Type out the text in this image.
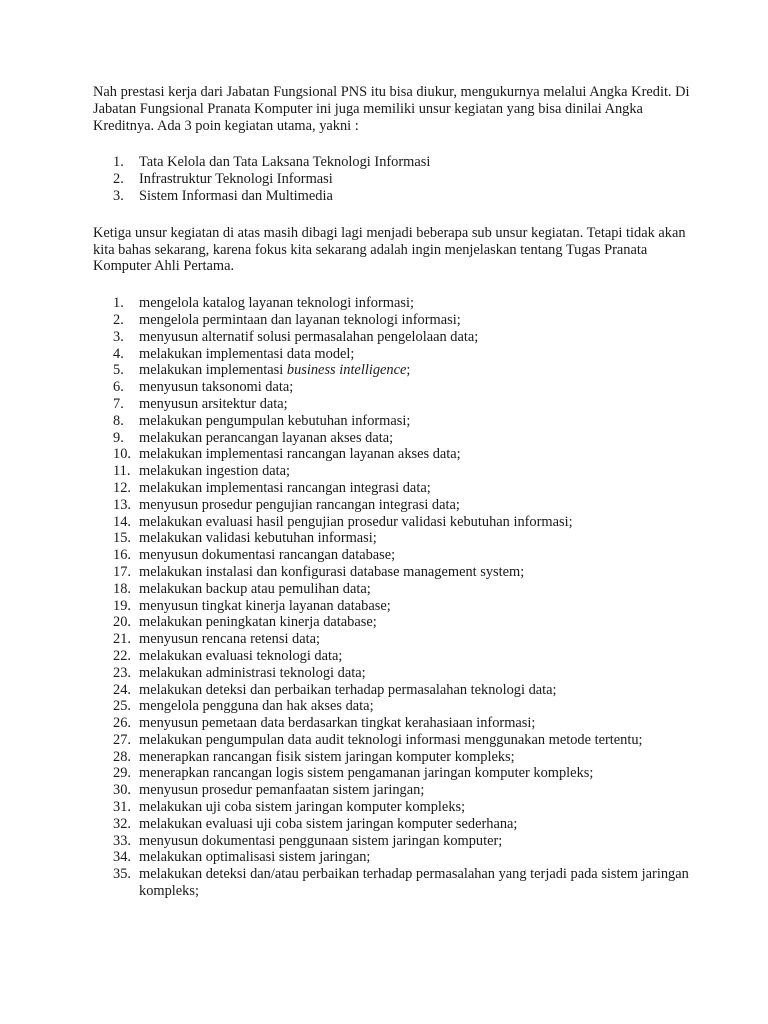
Nah prestasi kerja dari Jabatan Fungsional PNS itu bisa diukur, mengukurnya melalui Angka Kredit. Di Jabatan Fungsional Pranata Komputer ini juga memiliki unsur kegiatan yang bisa dinilai Angka Kreditnya. Ada 3 poin kegiatan utama, yakni :

1.	Tata Kelola dan Tata Laksana Teknologi Informasi
2.	Infrastruktur Teknologi Informasi
3.	Sistem Informasi dan Multimedia

Ketiga unsur kegiatan di atas masih dibagi lagi menjadi beberapa sub unsur kegiatan. Tetapi tidak akan kita bahas sekarang, karena fokus kita sekarang adalah ingin menjelaskan tentang Tugas Pranata Komputer Ahli Pertama.

1.	mengelola katalog layanan teknologi informasi;
2.	mengelola permintaan dan layanan teknologi informasi;
3.	menyusun alternatif solusi permasalahan pengelolaan data;
4.	melakukan implementasi data model;
5.	melakukan implementasi business intelligence;
6.	menyusun taksonomi data;
7.	menyusun arsitektur data;
8.	melakukan pengumpulan kebutuhan informasi;
9.	melakukan perancangan layanan akses data;
10. melakukan implementasi rancangan layanan akses data;
11. melakukan ingestion data;
12. melakukan implementasi rancangan integrasi data;
13. menyusun prosedur pengujian rancangan integrasi data;
14. melakukan evaluasi hasil pengujian prosedur validasi kebutuhan informasi;
15. melakukan validasi kebutuhan informasi;
16. menyusun dokumentasi rancangan database;
17. melakukan instalasi dan konfigurasi database management system;
18. melakukan backup atau pemulihan data;
19. menyusun tingkat kinerja layanan database;
20. melakukan peningkatan kinerja database;
21. menyusun rencana retensi data;
22. melakukan evaluasi teknologi data;
23. melakukan administrasi teknologi data;
24. melakukan deteksi dan perbaikan terhadap permasalahan teknologi data;
25. mengelola pengguna dan hak akses data;
26. menyusun pemetaan data berdasarkan tingkat kerahasiaan informasi;
27. melakukan pengumpulan data audit teknologi informasi menggunakan metode tertentu;
28. menerapkan rancangan fisik sistem jaringan komputer kompleks;
29. menerapkan rancangan logis sistem pengamanan jaringan komputer kompleks;
30. menyusun prosedur pemanfaatan sistem jaringan;
31. melakukan uji coba sistem jaringan komputer kompleks;
32. melakukan evaluasi uji coba sistem jaringan komputer sederhana;
33. menyusun dokumentasi penggunaan sistem jaringan komputer;
34. melakukan optimalisasi sistem jaringan;
35. melakukan deteksi dan/atau perbaikan terhadap permasalahan yang terjadi pada sistem jaringan kompleks;
